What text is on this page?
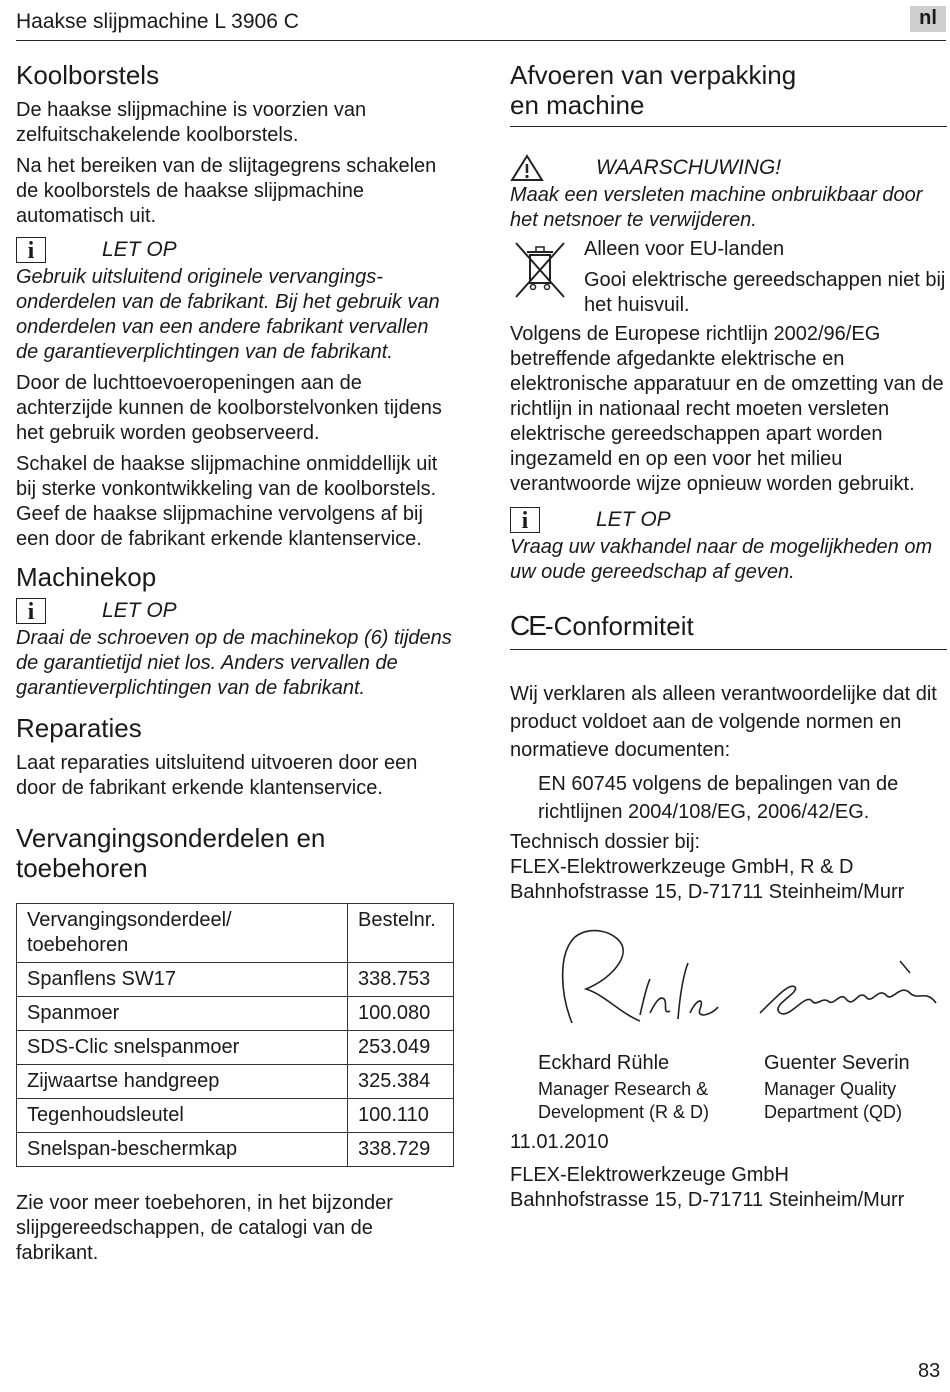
Haakse slijpmachine L 3906 C	nl
Koolborstels

De haakse slijpmachine is voorzien van zelfuitschakelende koolborstels.

Na het bereiken van de slijtagegrens schakelen de koolborstels de haakse slijpmachine automatisch uit.

i	LET OP

Gebruik uitsluitend originele vervangings-onderdelen van de fabrikant. Bij het gebruik van onderdelen van een andere fabrikant vervallen de garantieverplichtingen van de fabrikant.

Door de luchttoevoeropeningen aan de achterzijde kunnen de koolborstelvonken tijdens het gebruik worden geobserveerd.

Schakel de haakse slijpmachine onmiddellijk uit bij sterke vonkontwikkeling van de koolborstels. Geef de haakse slijpmachine vervolgens af bij een door de fabrikant erkende klantenservice.

Machinekop
i	LET OP

Draai de schroeven op de machinekop (6) tijdens de garantietijd niet los. Anders vervallen de garantieverplichtingen van de fabrikant.

Reparaties

Laat reparaties uitsluitend uitvoeren door een door de fabrikant erkende klantenservice.

Vervangingsonderdelen en
toebehoren
Vervangingsonderdeel/ toebehoren	Bestelnr.
Spanflens SW17	338.753
Spanmoer	100.080
SDS-Clic snelspanmoer	253.049
Zijwaartse handgreep	325.384
Tegenhoudsleutel	100.110
Snelspan-beschermkap	338.729

Zie voor meer toebehoren, in het bijzonder slijpgereedschappen, de catalogi van de fabrikant.

Afvoeren van verpakking
en machine
WAARSCHUWING!

Maak een versleten machine onbruikbaar door het netsnoer te verwijderen.

Alleen voor EU-landen

Gooi elektrische gereedschappen niet bij het huisvuil.

Volgens de Europese richtlijn 2002/96/EG betreffende afgedankte elektrische en elektronische apparatuur en de omzetting van de richtlijn in nationaal recht moeten versleten elektrische gereedschappen apart worden ingezameld en op een voor het milieu verantwoorde wijze opnieuw worden gebruikt.

i	LET OP

Vraag uw vakhandel naar de mogelijkheden om uw oude gereedschap af geven.

CE-Conformiteit

Wij verklaren als alleen verantwoordelijke dat dit product voldoet aan de volgende normen en normatieve documenten:

EN 60745 volgens de bepalingen van de richtlijnen 2004/108/EG, 2006/42/EG.

Technisch dossier bij:

FLEX-Elektrowerkzeuge GmbH, R & D

Bahnhofstrasse 15, D-71711 Steinheim/Murr

Eckhard Rühle

Manager Research &

Development (R & D)

Guenter Severin

Manager Quality

Department (QD)

11.01.2010

FLEX-Elektrowerkzeuge GmbH

Bahnhofstrasse 15, D-71711 Steinheim/Murr

83
